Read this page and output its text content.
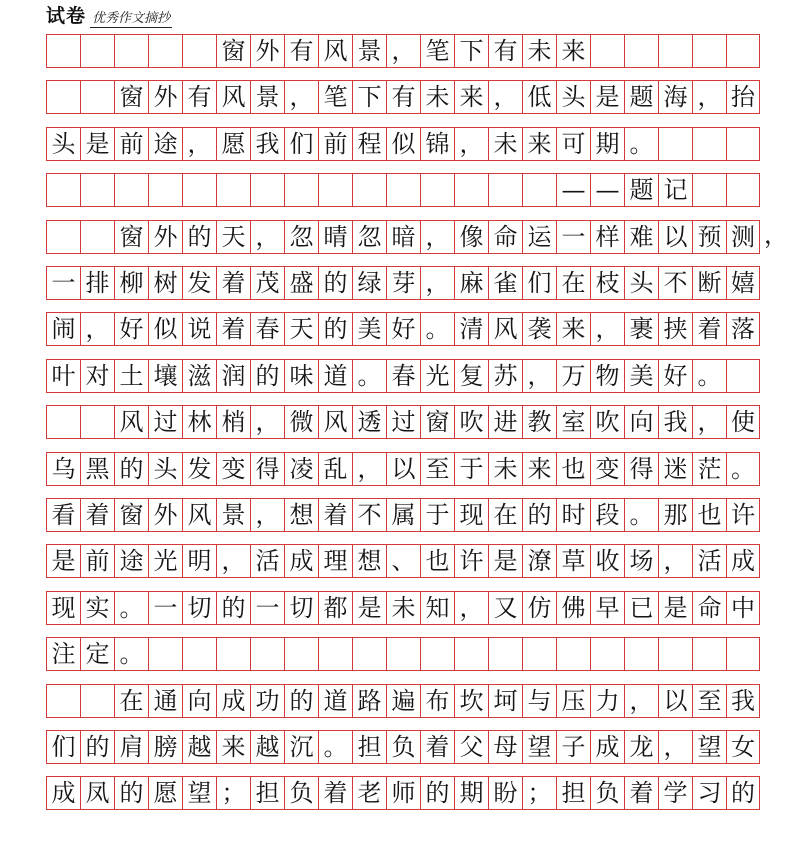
试卷 优秀作文摘抄
窗 外 有 风 景 ， 笔 下 有 未 来
窗 外 有 风 景 ， 笔 下 有 未 来 ， 低 头 是 题 海 ， 抬
头 是 前 途 ， 愿 我 们 前 程 似 锦 ， 未 来 可 期 。
— — 题 记
窗 外 的 天 ， 忽 晴 忽 暗 ， 像 命 运 一 样 难 以 预 测 ，
一 排 柳 树 发 着 茂 盛 的 绿 芽 ， 麻 雀 们 在 枝 头 不 断 嬉
闹 ， 好 似 说 着 春 天 的 美 好 。 清 风 袭 来 ， 裹 挟 着 落
叶 对 土 壤 滋 润 的 味 道 。 春 光 复 苏 ， 万 物 美 好 。
风 过 林 梢 ， 微 风 透 过 窗 吹 进 教 室 吹 向 我 ， 使
乌 黑 的 头 发 变 得 凌 乱 ， 以 至 于 未 来 也 变 得 迷 茫 。
看 着 窗 外 风 景 ， 想 着 不 属 于 现 在 的 时 段 。 那 也 许
是 前 途 光 明 ， 活 成 理 想 、 也 许 是 潦 草 收 场 ， 活 成
现 实 。 一 切 的 一 切 都 是 未 知 ， 又 仿 佛 早 已 是 命 中
注 定 。
在 通 向 成 功 的 道 路 遍 布 坎 坷 与 压 力 ， 以 至 我
们 的 肩 膀 越 来 越 沉 。 担 负 着 父 母 望 子 成 龙 ， 望 女
成 凤 的 愿 望 ； 担 负 着 老 师 的 期 盼 ； 担 负 着 学 习 的
